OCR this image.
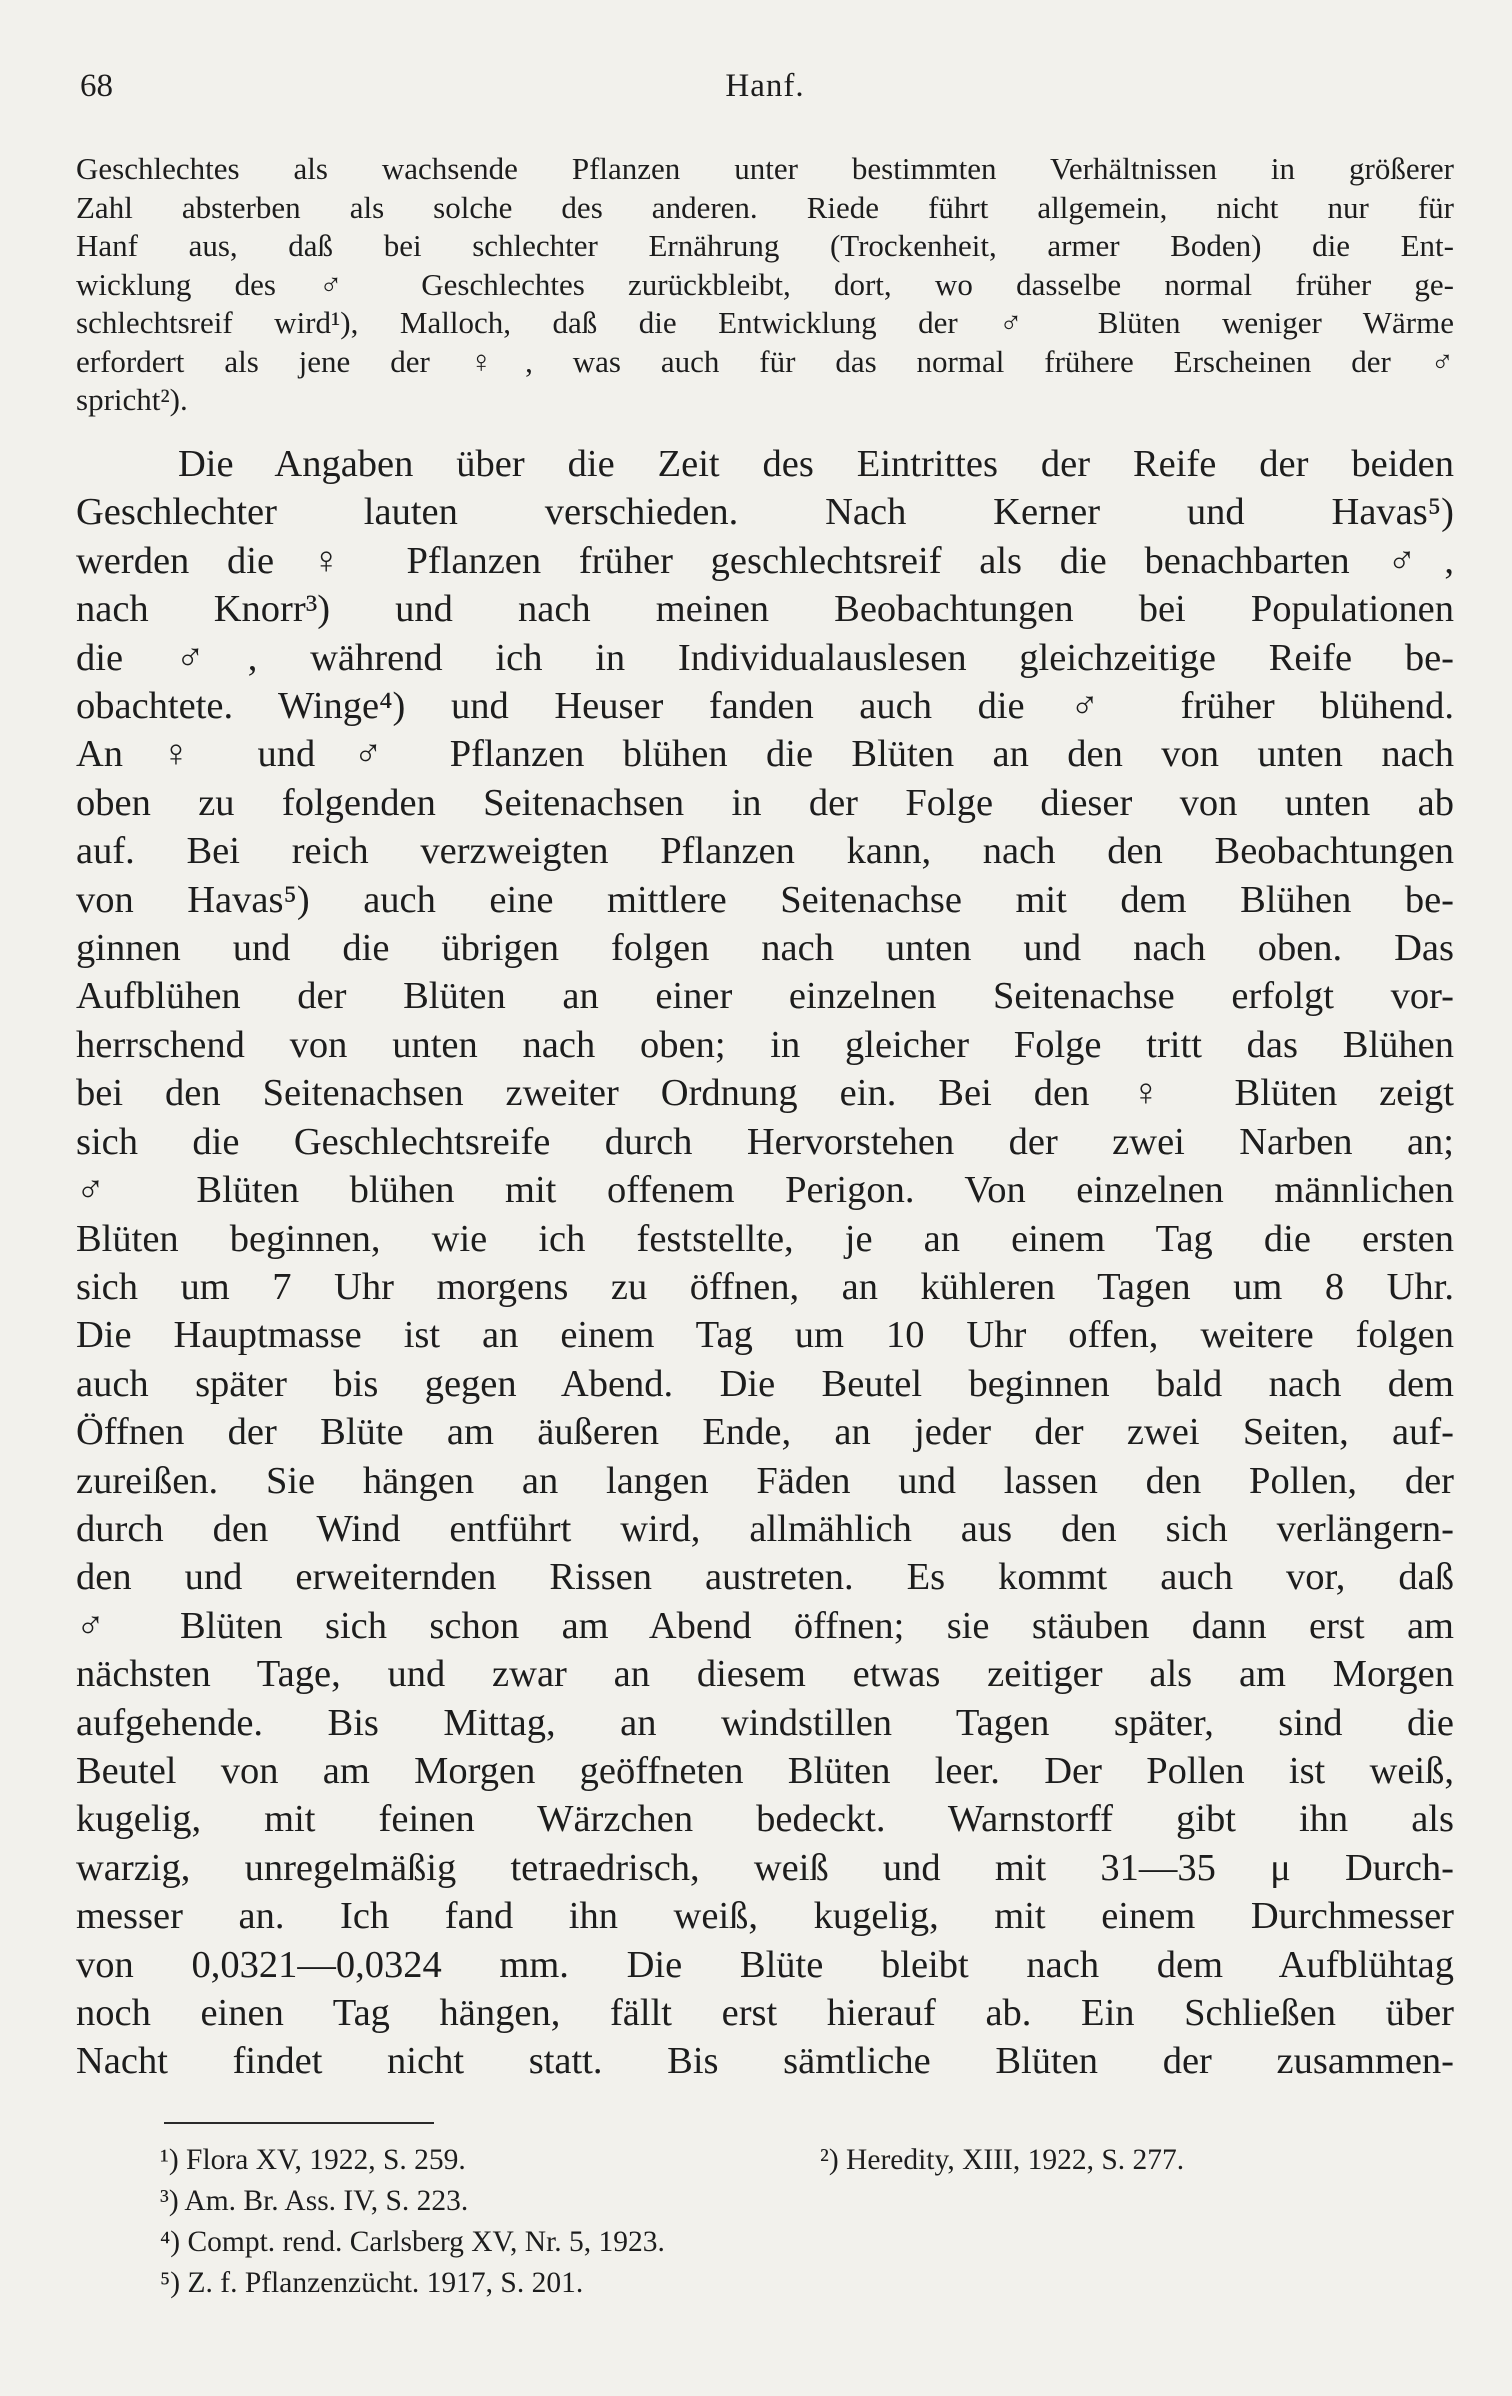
68	Hanf.
Geschlechtes als wachsende Pflanzen unter bestimmten Verhältnissen in größerer
Zahl absterben als solche des anderen. Riede führt allgemein, nicht nur für
Hanf aus, daß bei schlechter Ernährung (Trockenheit, armer Boden) die Ent-
wicklung des ♂ Geschlechtes zurückbleibt, dort, wo dasselbe normal früher ge-
schlechtsreif wird¹), Malloch, daß die Entwicklung der ♂ Blüten weniger Wärme
erfordert als jene der ♀, was auch für das normal frühere Erscheinen der ♂
spricht²).
Die Angaben über die Zeit des Eintrittes der Reife der beiden
Geschlechter lauten verschieden. Nach Kerner und Havas⁵)
werden die ♀ Pflanzen früher geschlechtsreif als die benachbarten ♂,
nach Knorr³) und nach meinen Beobachtungen bei Populationen
die ♂, während ich in Individualauslesen gleichzeitige Reife be-
obachtete. Winge⁴) und Heuser fanden auch die ♂ früher blühend.
An ♀ und ♂ Pflanzen blühen die Blüten an den von unten nach
oben zu folgenden Seitenachsen in der Folge dieser von unten ab
auf. Bei reich verzweigten Pflanzen kann, nach den Beobachtungen
von Havas⁵) auch eine mittlere Seitenachse mit dem Blühen be-
ginnen und die übrigen folgen nach unten und nach oben. Das
Aufblühen der Blüten an einer einzelnen Seitenachse erfolgt vor-
herrschend von unten nach oben; in gleicher Folge tritt das Blühen
bei den Seitenachsen zweiter Ordnung ein. Bei den ♀ Blüten zeigt
sich die Geschlechtsreife durch Hervorstehen der zwei Narben an;
♂ Blüten blühen mit offenem Perigon. Von einzelnen männlichen
Blüten beginnen, wie ich feststellte, je an einem Tag die ersten
sich um 7 Uhr morgens zu öffnen, an kühleren Tagen um 8 Uhr.
Die Hauptmasse ist an einem Tag um 10 Uhr offen, weitere folgen
auch später bis gegen Abend. Die Beutel beginnen bald nach dem
Öffnen der Blüte am äußeren Ende, an jeder der zwei Seiten, auf-
zureißen. Sie hängen an langen Fäden und lassen den Pollen, der
durch den Wind entführt wird, allmählich aus den sich verlängern-
den und erweiternden Rissen austreten. Es kommt auch vor, daß
♂ Blüten sich schon am Abend öffnen; sie stäuben dann erst am
nächsten Tage, und zwar an diesem etwas zeitiger als am Morgen
aufgehende. Bis Mittag, an windstillen Tagen später, sind die
Beutel von am Morgen geöffneten Blüten leer. Der Pollen ist weiß,
kugelig, mit feinen Wärzchen bedeckt. Warnstorff gibt ihn als
warzig, unregelmäßig tetraedrisch, weiß und mit 31—35 μ Durch-
messer an. Ich fand ihn weiß, kugelig, mit einem Durchmesser
von 0,0321—0,0324 mm. Die Blüte bleibt nach dem Aufblühtag
noch einen Tag hängen, fällt erst hierauf ab. Ein Schließen über
Nacht findet nicht statt. Bis sämtliche Blüten der zusammen-
¹) Flora XV, 1922, S. 259.	²) Heredity, XIII, 1922, S. 277.
³) Am. Br. Ass. IV, S. 223.
⁴) Compt. rend. Carlsberg XV, Nr. 5, 1923.
⁵) Z. f. Pflanzenzücht. 1917, S. 201.
